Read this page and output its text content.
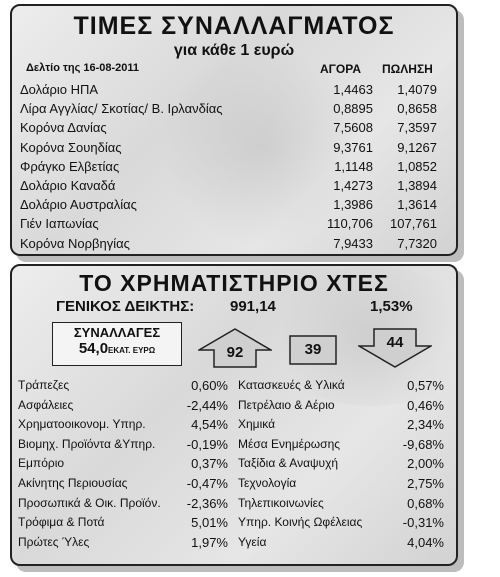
ΤΙΜΕΣ ΣΥΝΑΛΛΑΓΜΑΤΟΣ
για κάθε 1 ευρώ
Δελτίο της 16-08-2011	ΑΓΟΡΑ ΠΩΛΗΣΗ
Δολάριο ΗΠΑ	1,4463	1,4079
Λίρα Αγγλίας/ Σκοτίας/ Β. Ιρλανδίας	0,8895	0,8658
Κορόνα Δανίας	7,5608	7,3597
Κορόνα Σουηδίας	9,3761	9,1267
Φράγκο Ελβετίας	1,1148	1,0852
Δολάριο Καναδά	1,4273	1,3894
Δολάριο Αυστραλίας	1,3986	1,3614
Γιέν Ιαπωνίας	110,706	107,761
Κορόνα Νορβηγίας	7,9433	7,7320
ΤΟ ΧΡΗΜΑΤΙΣΤΗΡΙΟ ΧΤΕΣ
ΓΕΝΙΚΟΣ ΔΕΙΚΤΗΣ: 991,14	1,53%
ΣΥΝΑΛΛΑΓΕΣ
54,0ΕΚΑΤ. ΕΥΡΩ	92	39	44
Τράπεζες	0,60%
Ασφάλειες	-2,44%
Χρηματοοικονομ. Υπηρ.	4,54%
Βιομηχ. Προϊόντα &Υπηρ.	-0,19%
Εμπόριο	0,37%
Ακίνητης Περιουσίας	-0,47%
Προσωπικά & Οικ. Προϊόν.	-2,36%
Τρόφιμα & Ποτά	5,01%
Πρώτες Ύλες	1,97%
Κατασκευές & Υλικά	0,57%
Πετρέλαιο & Αέριο	0,46%
Χημικά	2,34%
Μέσα Ενημέρωσης	-9,68%
Ταξίδια & Αναψυχή	2,00%
Τεχνολογία	2,75%
Τηλεπικοινωνίες	0,68%
Υπηρ. Κοινής Ωφέλειας	-0,31%
Υγεία	4,04%
